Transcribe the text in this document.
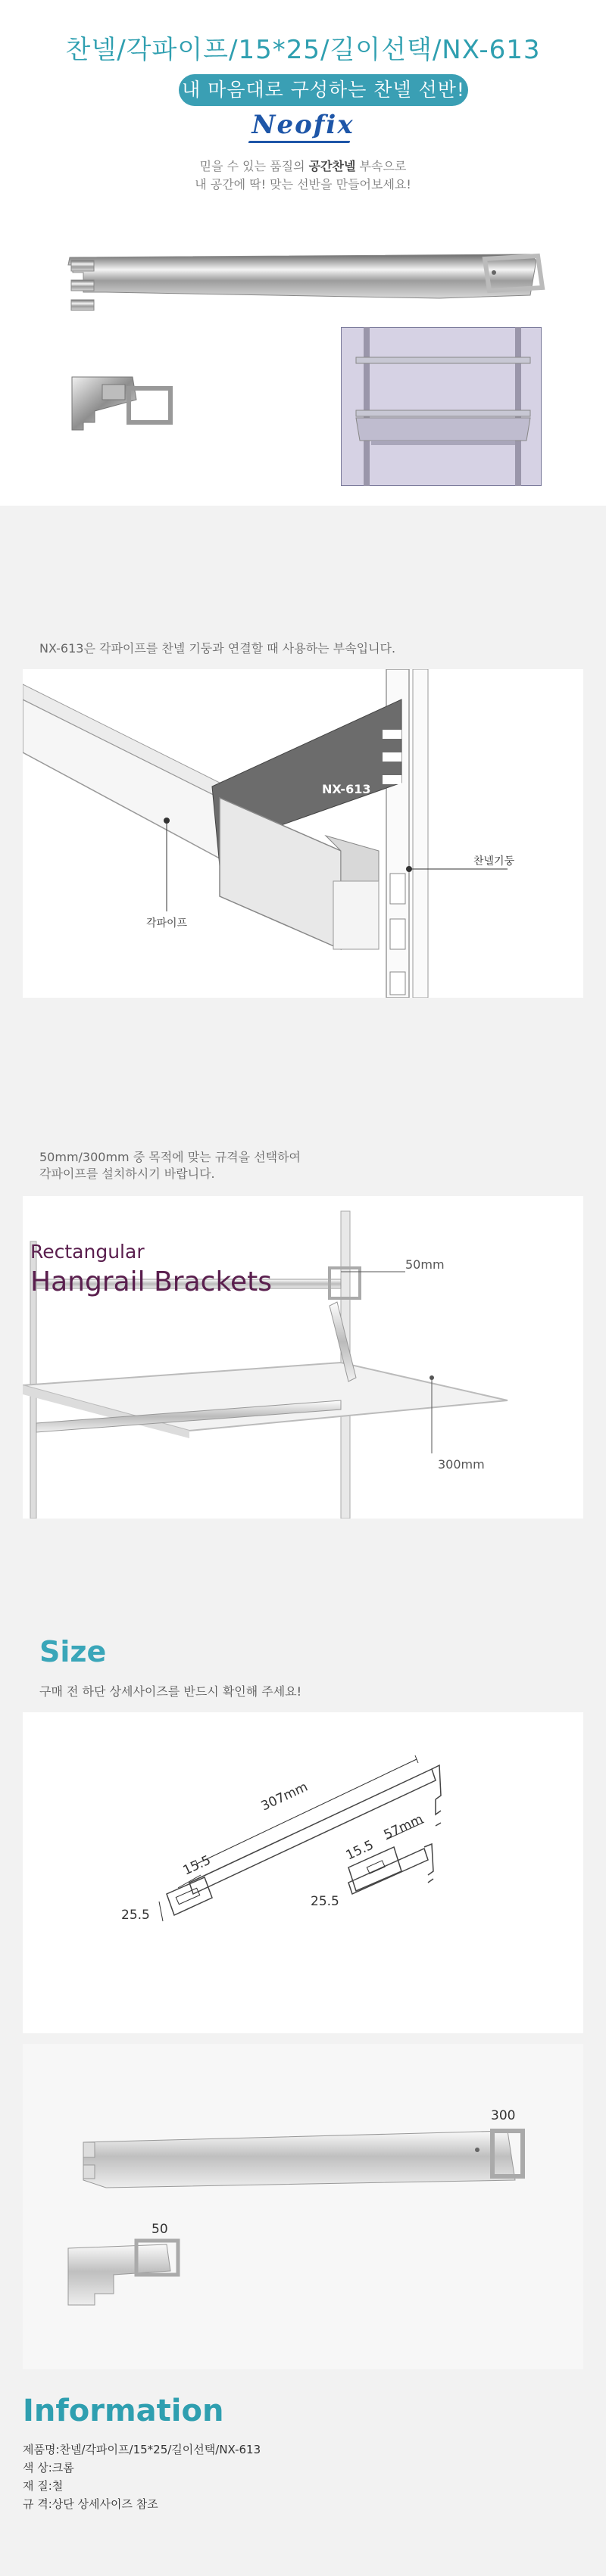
찬넬/각파이프/15*25/길이선택/NX-613
내 마음대로 구성하는 찬넬 선반!
Neofix
믿을 수 있는 품질의 공간찬넬 부속으로
내 공간에 딱! 맞는 선반을 만들어보세요!
NX-613은 각파이프를 찬넬 기둥과 연결할 때 사용하는 부속입니다.
NX-613
각파이프
찬넬기둥
50mm/300mm 중 목적에 맞는 규격을 선택하여
각파이프를 설치하시기 바랍니다.
Rectangular
Hangrail Brackets
50mm
300mm
Size
구매 전 하단 상세사이즈를 반드시 확인해 주세요!
307mm
15.5
25.5
15.5
57mm
25.5
300
50
Information
제품명:찬넬/각파이프/15*25/길이선택/NX-613
색 상:크롬
재 질:철
규 격:상단 상세사이즈 참조
